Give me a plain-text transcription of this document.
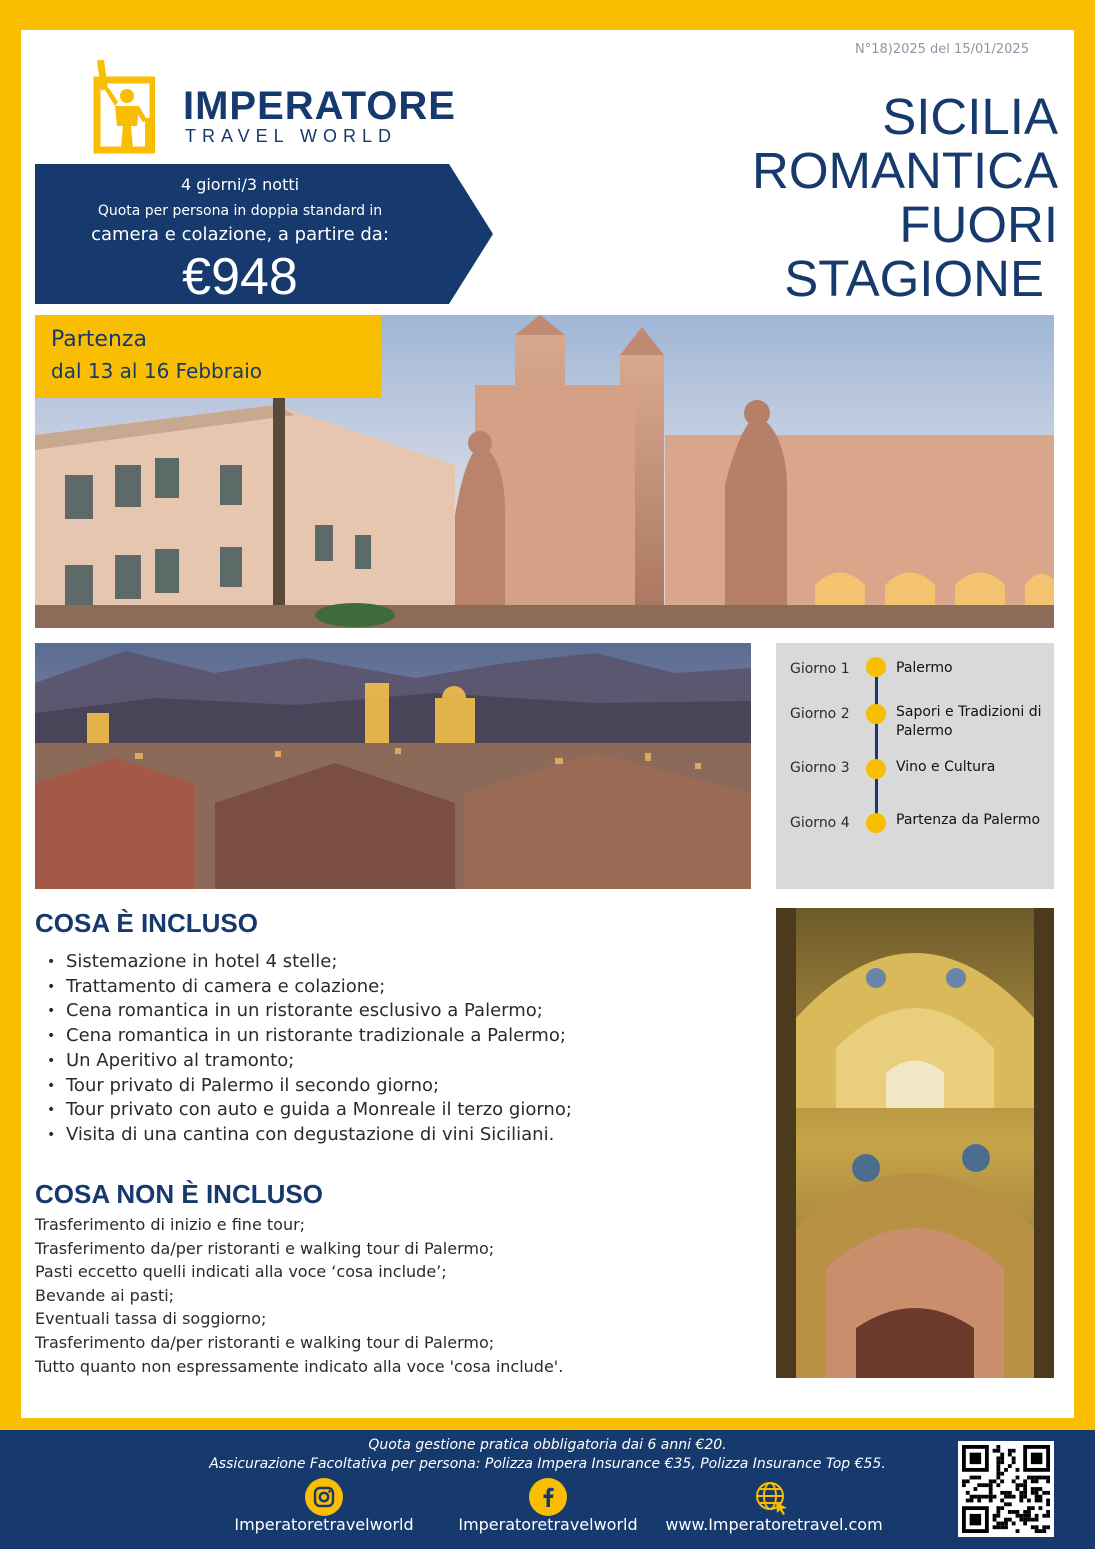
N°18)2025 del 15/01/2025
IMPERATORE
TRAVEL WORLD	SICILIA
ROMANTICA
FUORI
STAGIONE
4 giorni/3 notti
Quota per persona in doppia standard in
camera e colazione, a partire da:
€948
Partenza
dal 13 al 16 Febbraio
Giorno 1	Palermo
Giorno 2	Sapori e Tradizioni di Palermo
Giorno 3	Vino e Cultura
Giorno 4	Partenza da Palermo
COSA È INCLUSO
• Sistemazione in hotel 4 stelle;
• Trattamento di camera e colazione;
• Cena romantica in un ristorante esclusivo a Palermo;
• Cena romantica in un ristorante tradizionale a Palermo;
• Un Aperitivo al tramonto;
• Tour privato di Palermo il secondo giorno;
• Tour privato con auto e guida a Monreale il terzo giorno;
• Visita di una cantina con degustazione di vini Siciliani.
COSA NON È INCLUSO
Trasferimento di inizio e fine tour;
Trasferimento da/per ristoranti e walking tour di Palermo;
Pasti eccetto quelli indicati alla voce ‘cosa include’;
Bevande ai pasti;
Eventuali tassa di soggiorno;
Trasferimento da/per ristoranti e walking tour di Palermo;
Tutto quanto non espressamente indicato alla voce 'cosa include'.
Quota gestione pratica obbligatoria dai 6 anni €20.
Assicurazione Facoltativa per persona: Polizza Impera Insurance €35, Polizza Insurance Top €55.
Imperatoretravelworld	Imperatoretravelworld	www.Imperatoretravel.com
